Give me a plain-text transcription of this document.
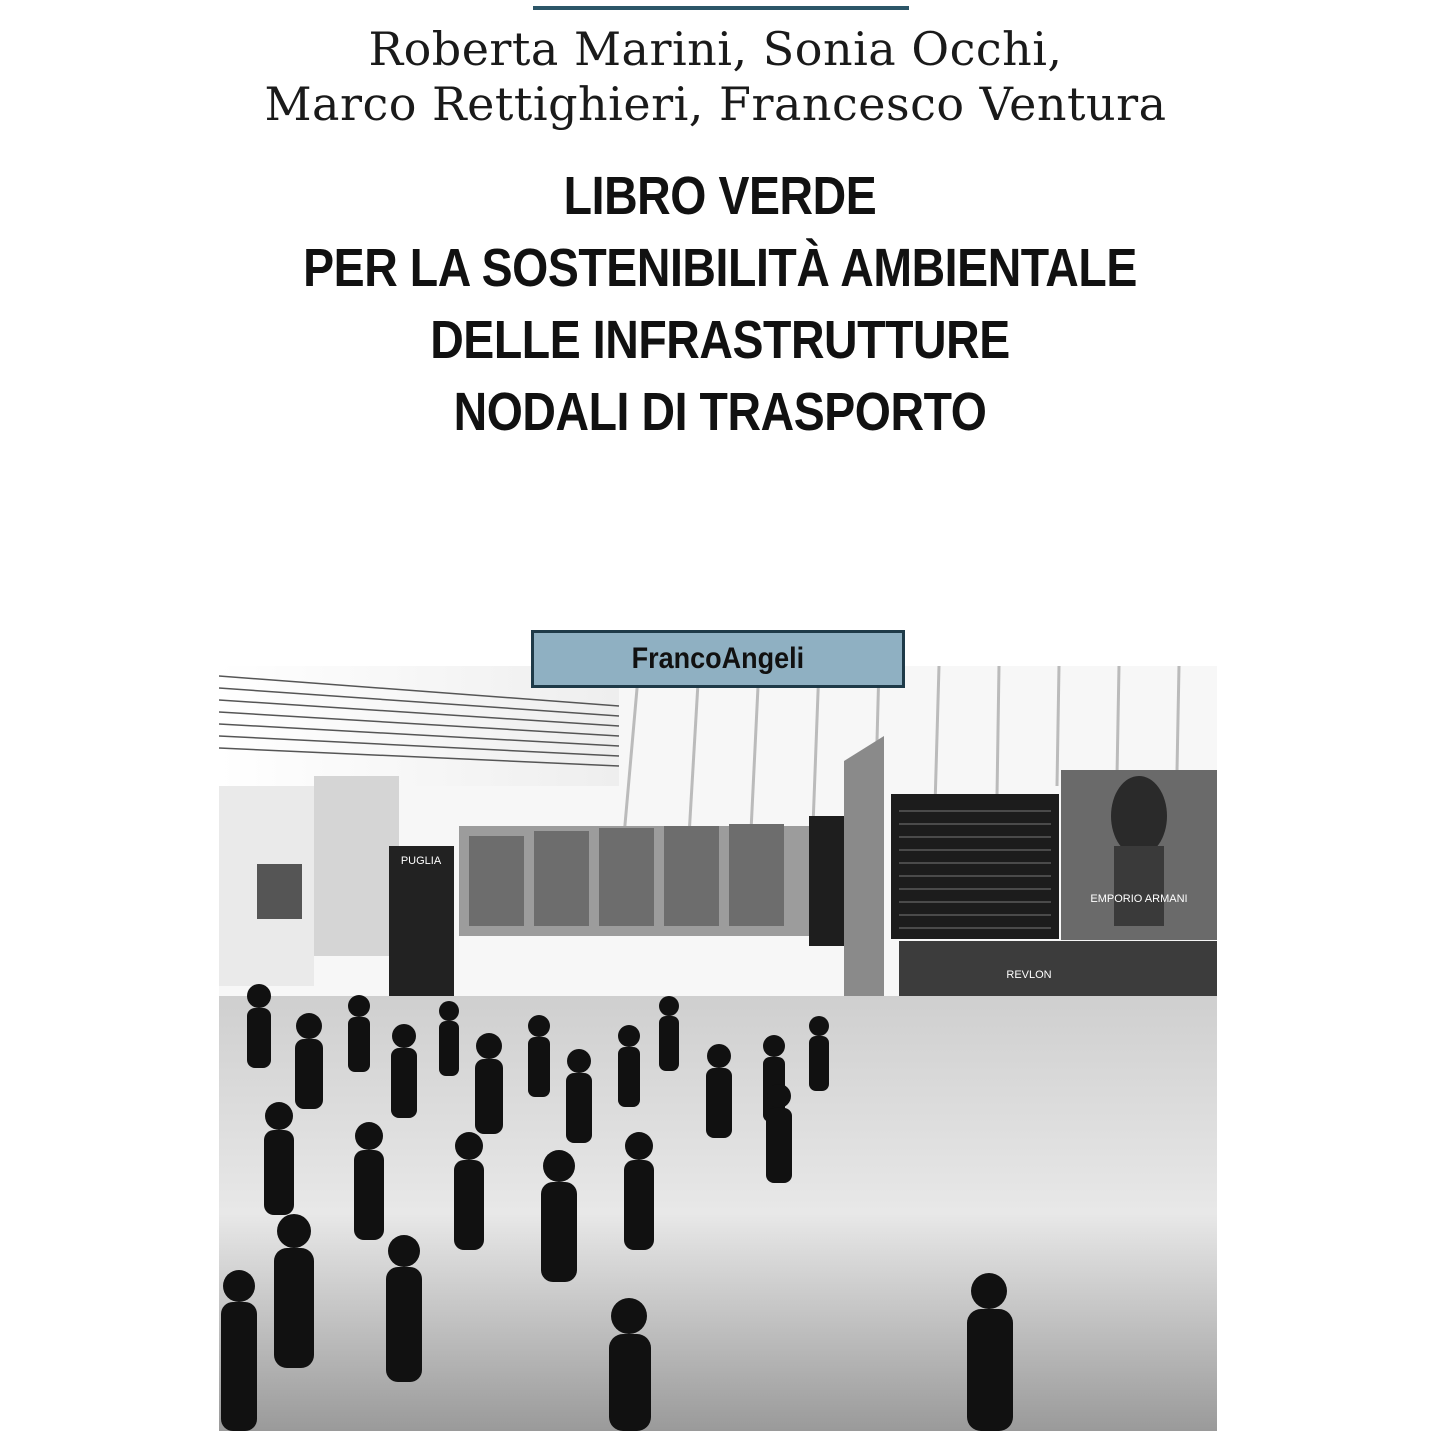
Roberta Marini, Sonia Occhi,
Marco Rettighieri, Francesco Ventura
LIBRO VERDE
PER LA SOSTENIBILITÀ AMBIENTALE
DELLE INFRASTRUTTURE
NODALI DI TRASPORTO
FrancoAngeli
PUGLIA
EMPORIO ARMANI
REVLON
